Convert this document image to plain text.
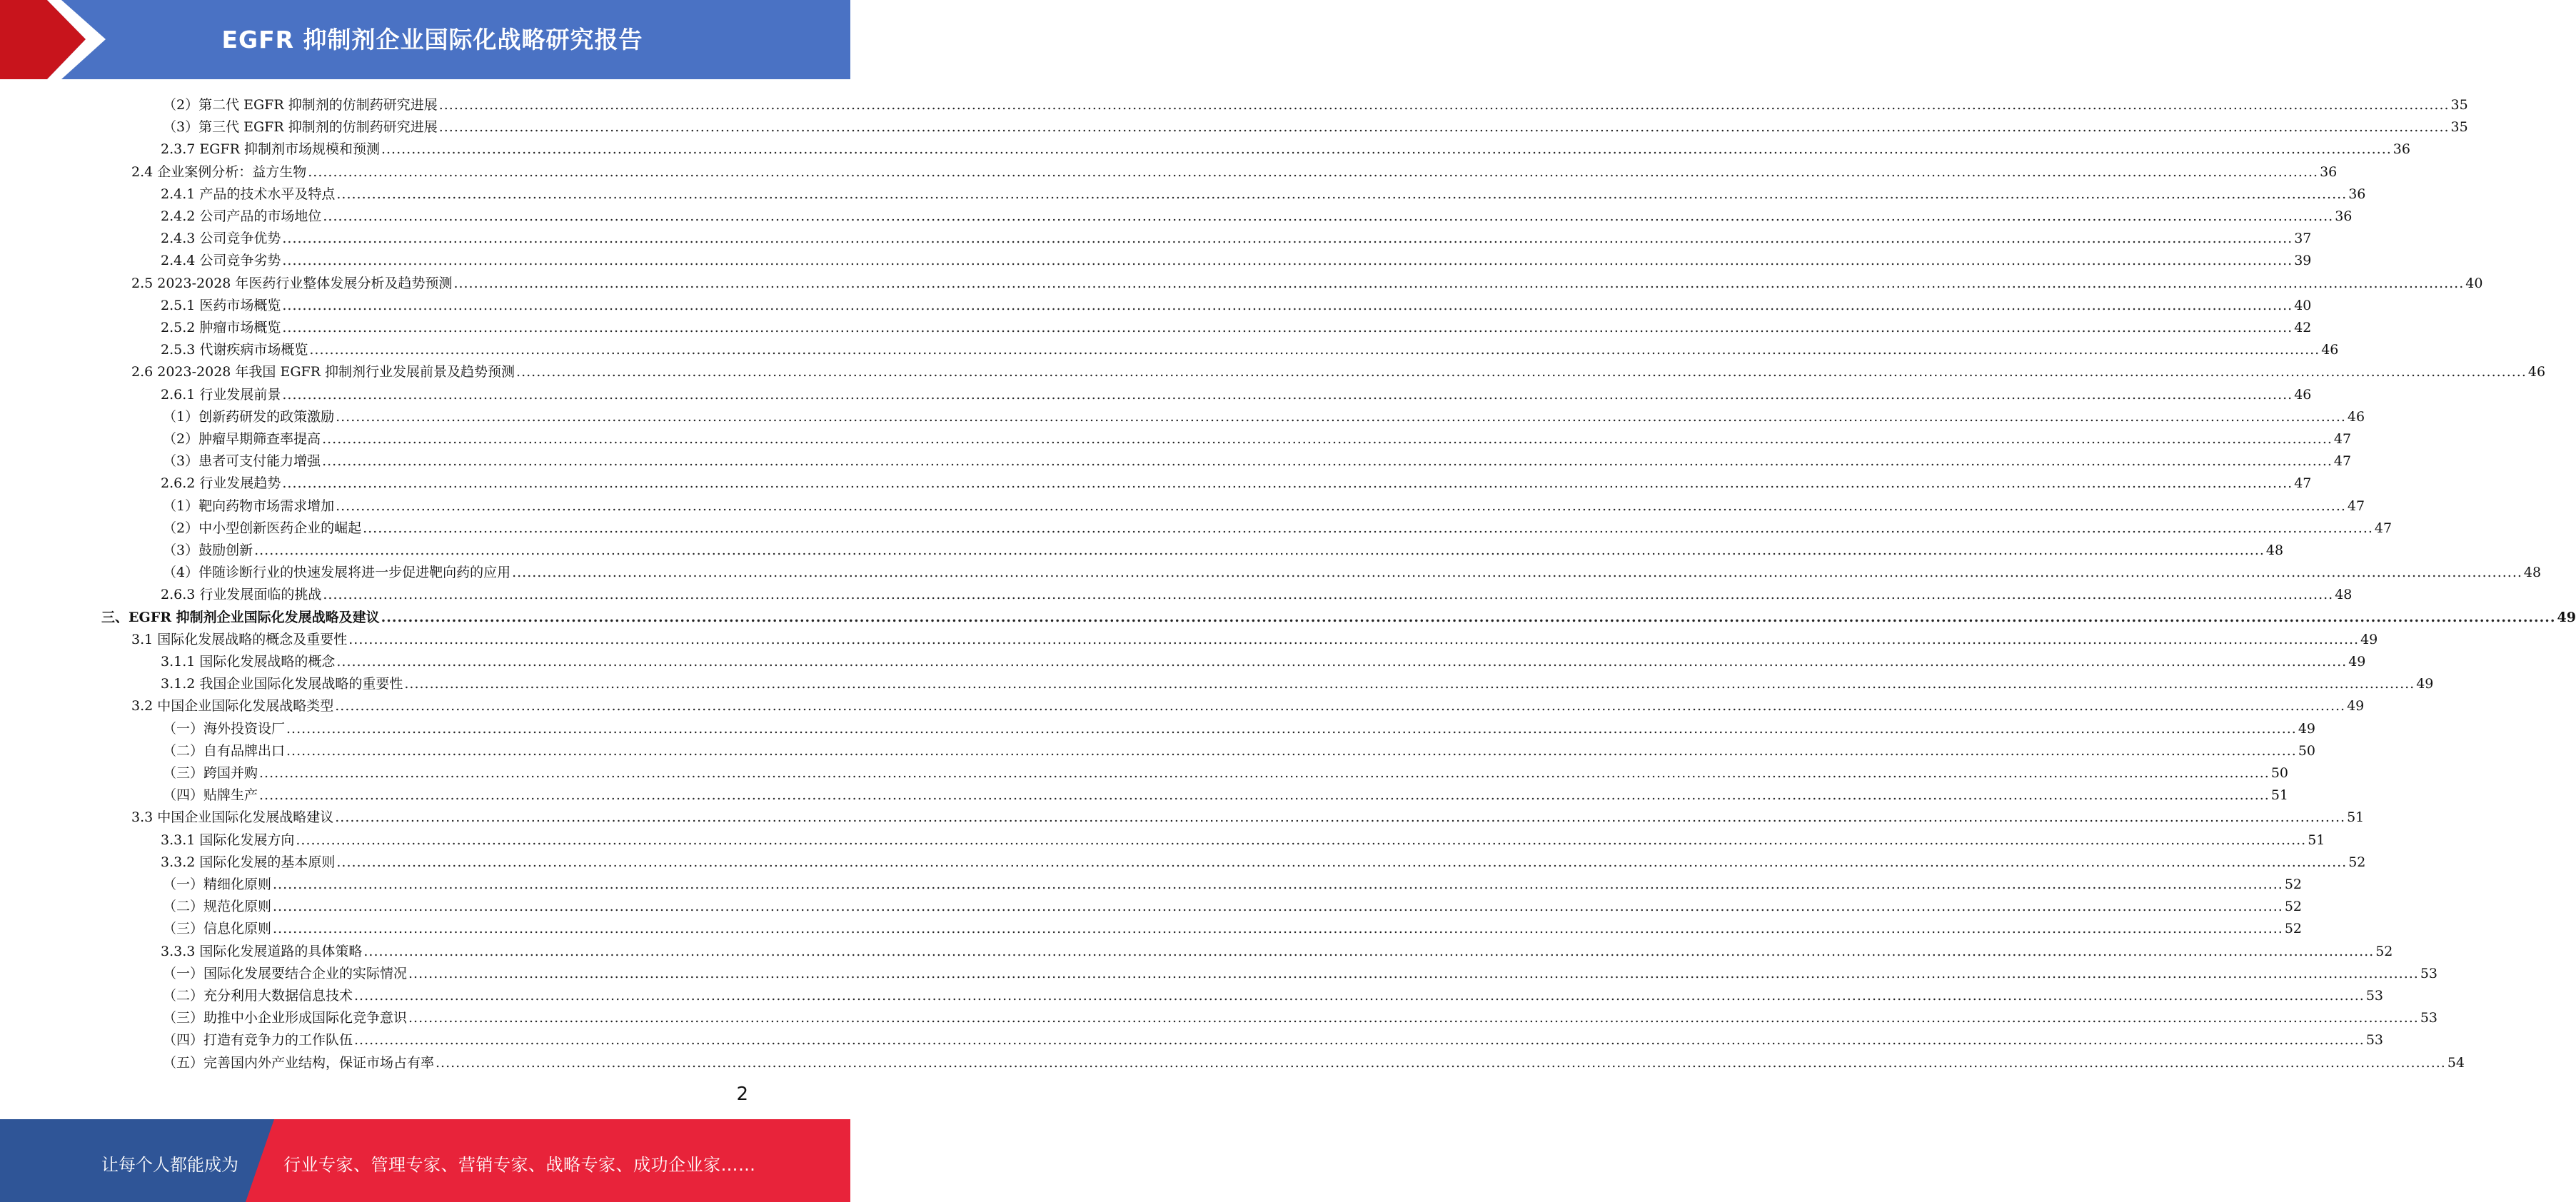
EGFR 抑制剂企业国际化战略研究报告
（2）第二代 EGFR 抑制剂的仿制药研究进展 ................................................................................................................................................................................................................................................................................................................................................................................................................ 35
（3）第三代 EGFR 抑制剂的仿制药研究进展 ................................................................................................................................................................................................................................................................................................................................................................................................................ 35
2.3.7 EGFR 抑制剂市场规模和预测 ................................................................................................................................................................................................................................................................................................................................................................................................................ 36
2.4 企业案例分析：益方生物 ................................................................................................................................................................................................................................................................................................................................................................................................................ 36
2.4.1 产品的技术水平及特点 ................................................................................................................................................................................................................................................................................................................................................................................................................ 36
2.4.2 公司产品的市场地位 ................................................................................................................................................................................................................................................................................................................................................................................................................ 36
2.4.3 公司竞争优势 ................................................................................................................................................................................................................................................................................................................................................................................................................ 37
2.4.4 公司竞争劣势 ................................................................................................................................................................................................................................................................................................................................................................................................................ 39
2.5 2023-2028 年医药行业整体发展分析及趋势预测 ................................................................................................................................................................................................................................................................................................................................................................................................................ 40
2.5.1 医药市场概览 ................................................................................................................................................................................................................................................................................................................................................................................................................ 40
2.5.2 肿瘤市场概览 ................................................................................................................................................................................................................................................................................................................................................................................................................ 42
2.5.3 代谢疾病市场概览 ................................................................................................................................................................................................................................................................................................................................................................................................................ 46
2.6 2023-2028 年我国 EGFR 抑制剂行业发展前景及趋势预测 ................................................................................................................................................................................................................................................................................................................................................................................................................ 46
2.6.1 行业发展前景 ................................................................................................................................................................................................................................................................................................................................................................................................................ 46
（1）创新药研发的政策激励 ................................................................................................................................................................................................................................................................................................................................................................................................................ 46
（2）肿瘤早期筛查率提高 ................................................................................................................................................................................................................................................................................................................................................................................................................ 47
（3）患者可支付能力增强 ................................................................................................................................................................................................................................................................................................................................................................................................................ 47
2.6.2 行业发展趋势 ................................................................................................................................................................................................................................................................................................................................................................................................................ 47
（1）靶向药物市场需求增加 ................................................................................................................................................................................................................................................................................................................................................................................................................ 47
（2）中小型创新医药企业的崛起 ................................................................................................................................................................................................................................................................................................................................................................................................................ 47
（3）鼓励创新 ................................................................................................................................................................................................................................................................................................................................................................................................................ 48
（4）伴随诊断行业的快速发展将进一步促进靶向药的应用 ................................................................................................................................................................................................................................................................................................................................................................................................................ 48
2.6.3 行业发展面临的挑战 ................................................................................................................................................................................................................................................................................................................................................................................................................ 48
三、EGFR 抑制剂企业国际化发展战略及建议 ................................................................................................................................................................................................................................................................................................................................................................................................................ 49
3.1 国际化发展战略的概念及重要性 ................................................................................................................................................................................................................................................................................................................................................................................................................ 49
3.1.1 国际化发展战略的概念 ................................................................................................................................................................................................................................................................................................................................................................................................................ 49
3.1.2 我国企业国际化发展战略的重要性 ................................................................................................................................................................................................................................................................................................................................................................................................................ 49
3.2 中国企业国际化发展战略类型 ................................................................................................................................................................................................................................................................................................................................................................................................................ 49
（一）海外投资设厂 ................................................................................................................................................................................................................................................................................................................................................................................................................ 49
（二）自有品牌出口 ................................................................................................................................................................................................................................................................................................................................................................................................................ 50
（三）跨国并购 ................................................................................................................................................................................................................................................................................................................................................................................................................ 50
（四）贴牌生产 ................................................................................................................................................................................................................................................................................................................................................................................................................ 51
3.3 中国企业国际化发展战略建议 ................................................................................................................................................................................................................................................................................................................................................................................................................ 51
3.3.1 国际化发展方向 ................................................................................................................................................................................................................................................................................................................................................................................................................ 51
3.3.2 国际化发展的基本原则 ................................................................................................................................................................................................................................................................................................................................................................................................................ 52
（一）精细化原则 ................................................................................................................................................................................................................................................................................................................................................................................................................ 52
（二）规范化原则 ................................................................................................................................................................................................................................................................................................................................................................................................................ 52
（三）信息化原则 ................................................................................................................................................................................................................................................................................................................................................................................................................ 52
3.3.3 国际化发展道路的具体策略 ................................................................................................................................................................................................................................................................................................................................................................................................................ 52
（一）国际化发展要结合企业的实际情况 ................................................................................................................................................................................................................................................................................................................................................................................................................ 53
（二）充分利用大数据信息技术 ................................................................................................................................................................................................................................................................................................................................................................................................................ 53
（三）助推中小企业形成国际化竞争意识 ................................................................................................................................................................................................................................................................................................................................................................................................................ 53
（四）打造有竞争力的工作队伍 ................................................................................................................................................................................................................................................................................................................................................................................................................ 53
（五）完善国内外产业结构，保证市场占有率 ................................................................................................................................................................................................................................................................................................................................................................................................................ 54
2
让每个人都能成为	行业专家、管理专家、营销专家、战略专家、成功企业家……
